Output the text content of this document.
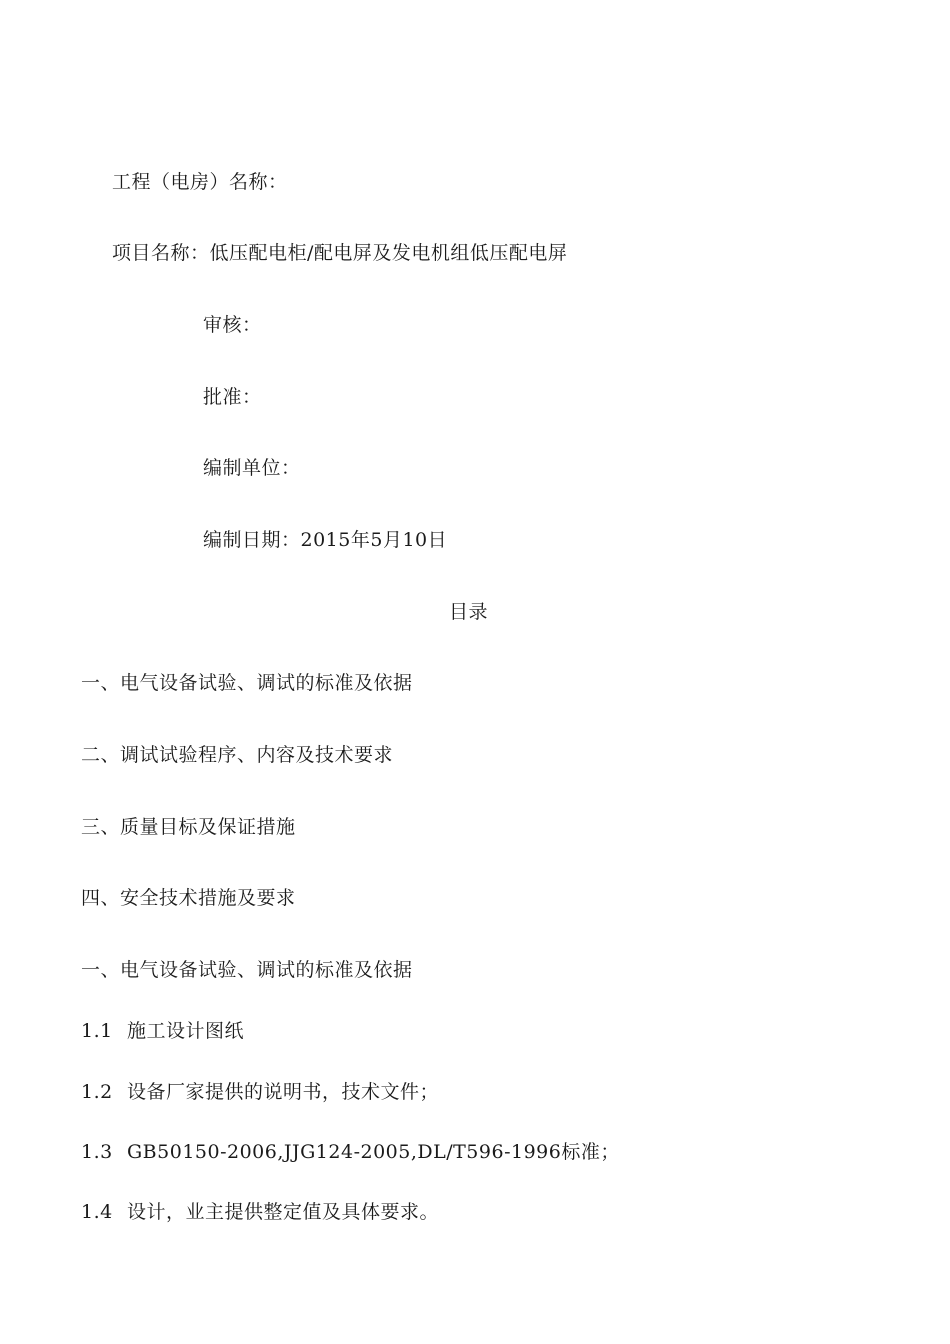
工程（电房）名称：
项目名称：低压配电柜/配电屏及发电机组低压配电屏
审核：
批准：
编制单位：
编制日期：2015年5月10日
目录
一、电气设备试验、调试的标准及依据
二、调试试验程序、内容及技术要求
三、质量目标及保证措施
四、安全技术措施及要求
一、电气设备试验、调试的标准及依据
1.1 施工设计图纸
1.2 设备厂家提供的说明书，技术文件；
1.3 GB50150-2006,JJG124-2005,DL/T596-1996标准；
1.4 设计，业主提供整定值及具体要求。
